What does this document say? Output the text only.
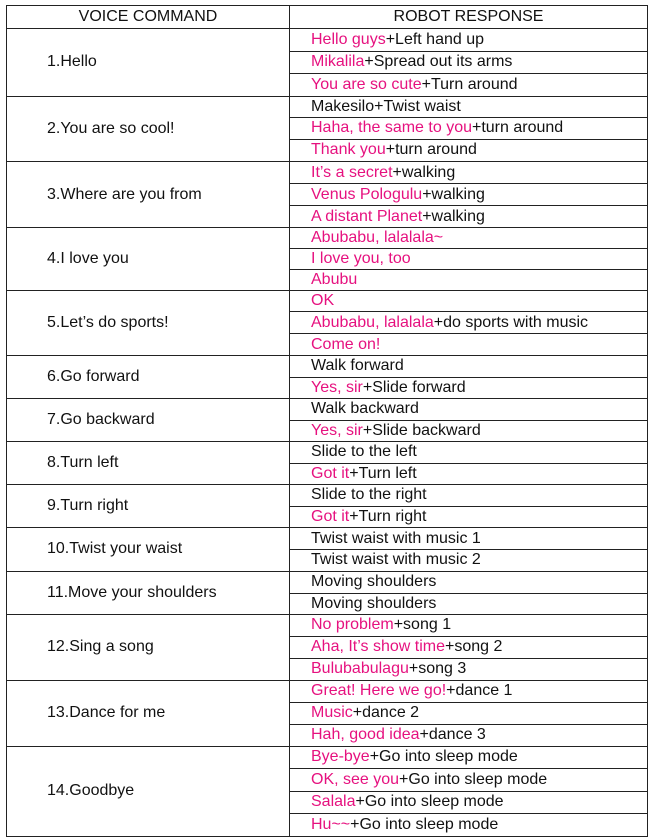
VOICE COMMAND	ROBOT RESPONSE
1.Hello	Hello guys+Left hand up
	Mikalila+Spread out its arms
	You are so cute+Turn around
2.You are so cool!	Makesilo+Twist waist
	Haha, the same to you+turn around
	Thank you+turn around
3.Where are you from	It’s a secret+walking
	Venus Pologulu+walking
	A distant Planet+walking
4.I love you	Abubabu, lalalala~
	I love you, too
	Abubu
5.Let’s do sports!	OK
	Abubabu, lalalala+do sports with music
	Come on!
6.Go forward	Walk forward
	Yes, sir+Slide forward
7.Go backward	Walk backward
	Yes, sir+Slide backward
8.Turn left	Slide to the left
	Got it+Turn left
9.Turn right	Slide to the right
	Got it+Turn right
10.Twist your waist	Twist waist with music 1
	Twist waist with music 2
11.Move your shoulders	Moving shoulders
	Moving shoulders
12.Sing a song	No problem+song 1
	Aha, It’s show time+song 2
	Bulubabulagu+song 3
13.Dance for me	Great! Here we go!+dance 1
	Music+dance 2
	Hah, good idea+dance 3
14.Goodbye	Bye-bye+Go into sleep mode
	OK, see you+Go into sleep mode
	Salala+Go into sleep mode
	Hu~~+Go into sleep mode
